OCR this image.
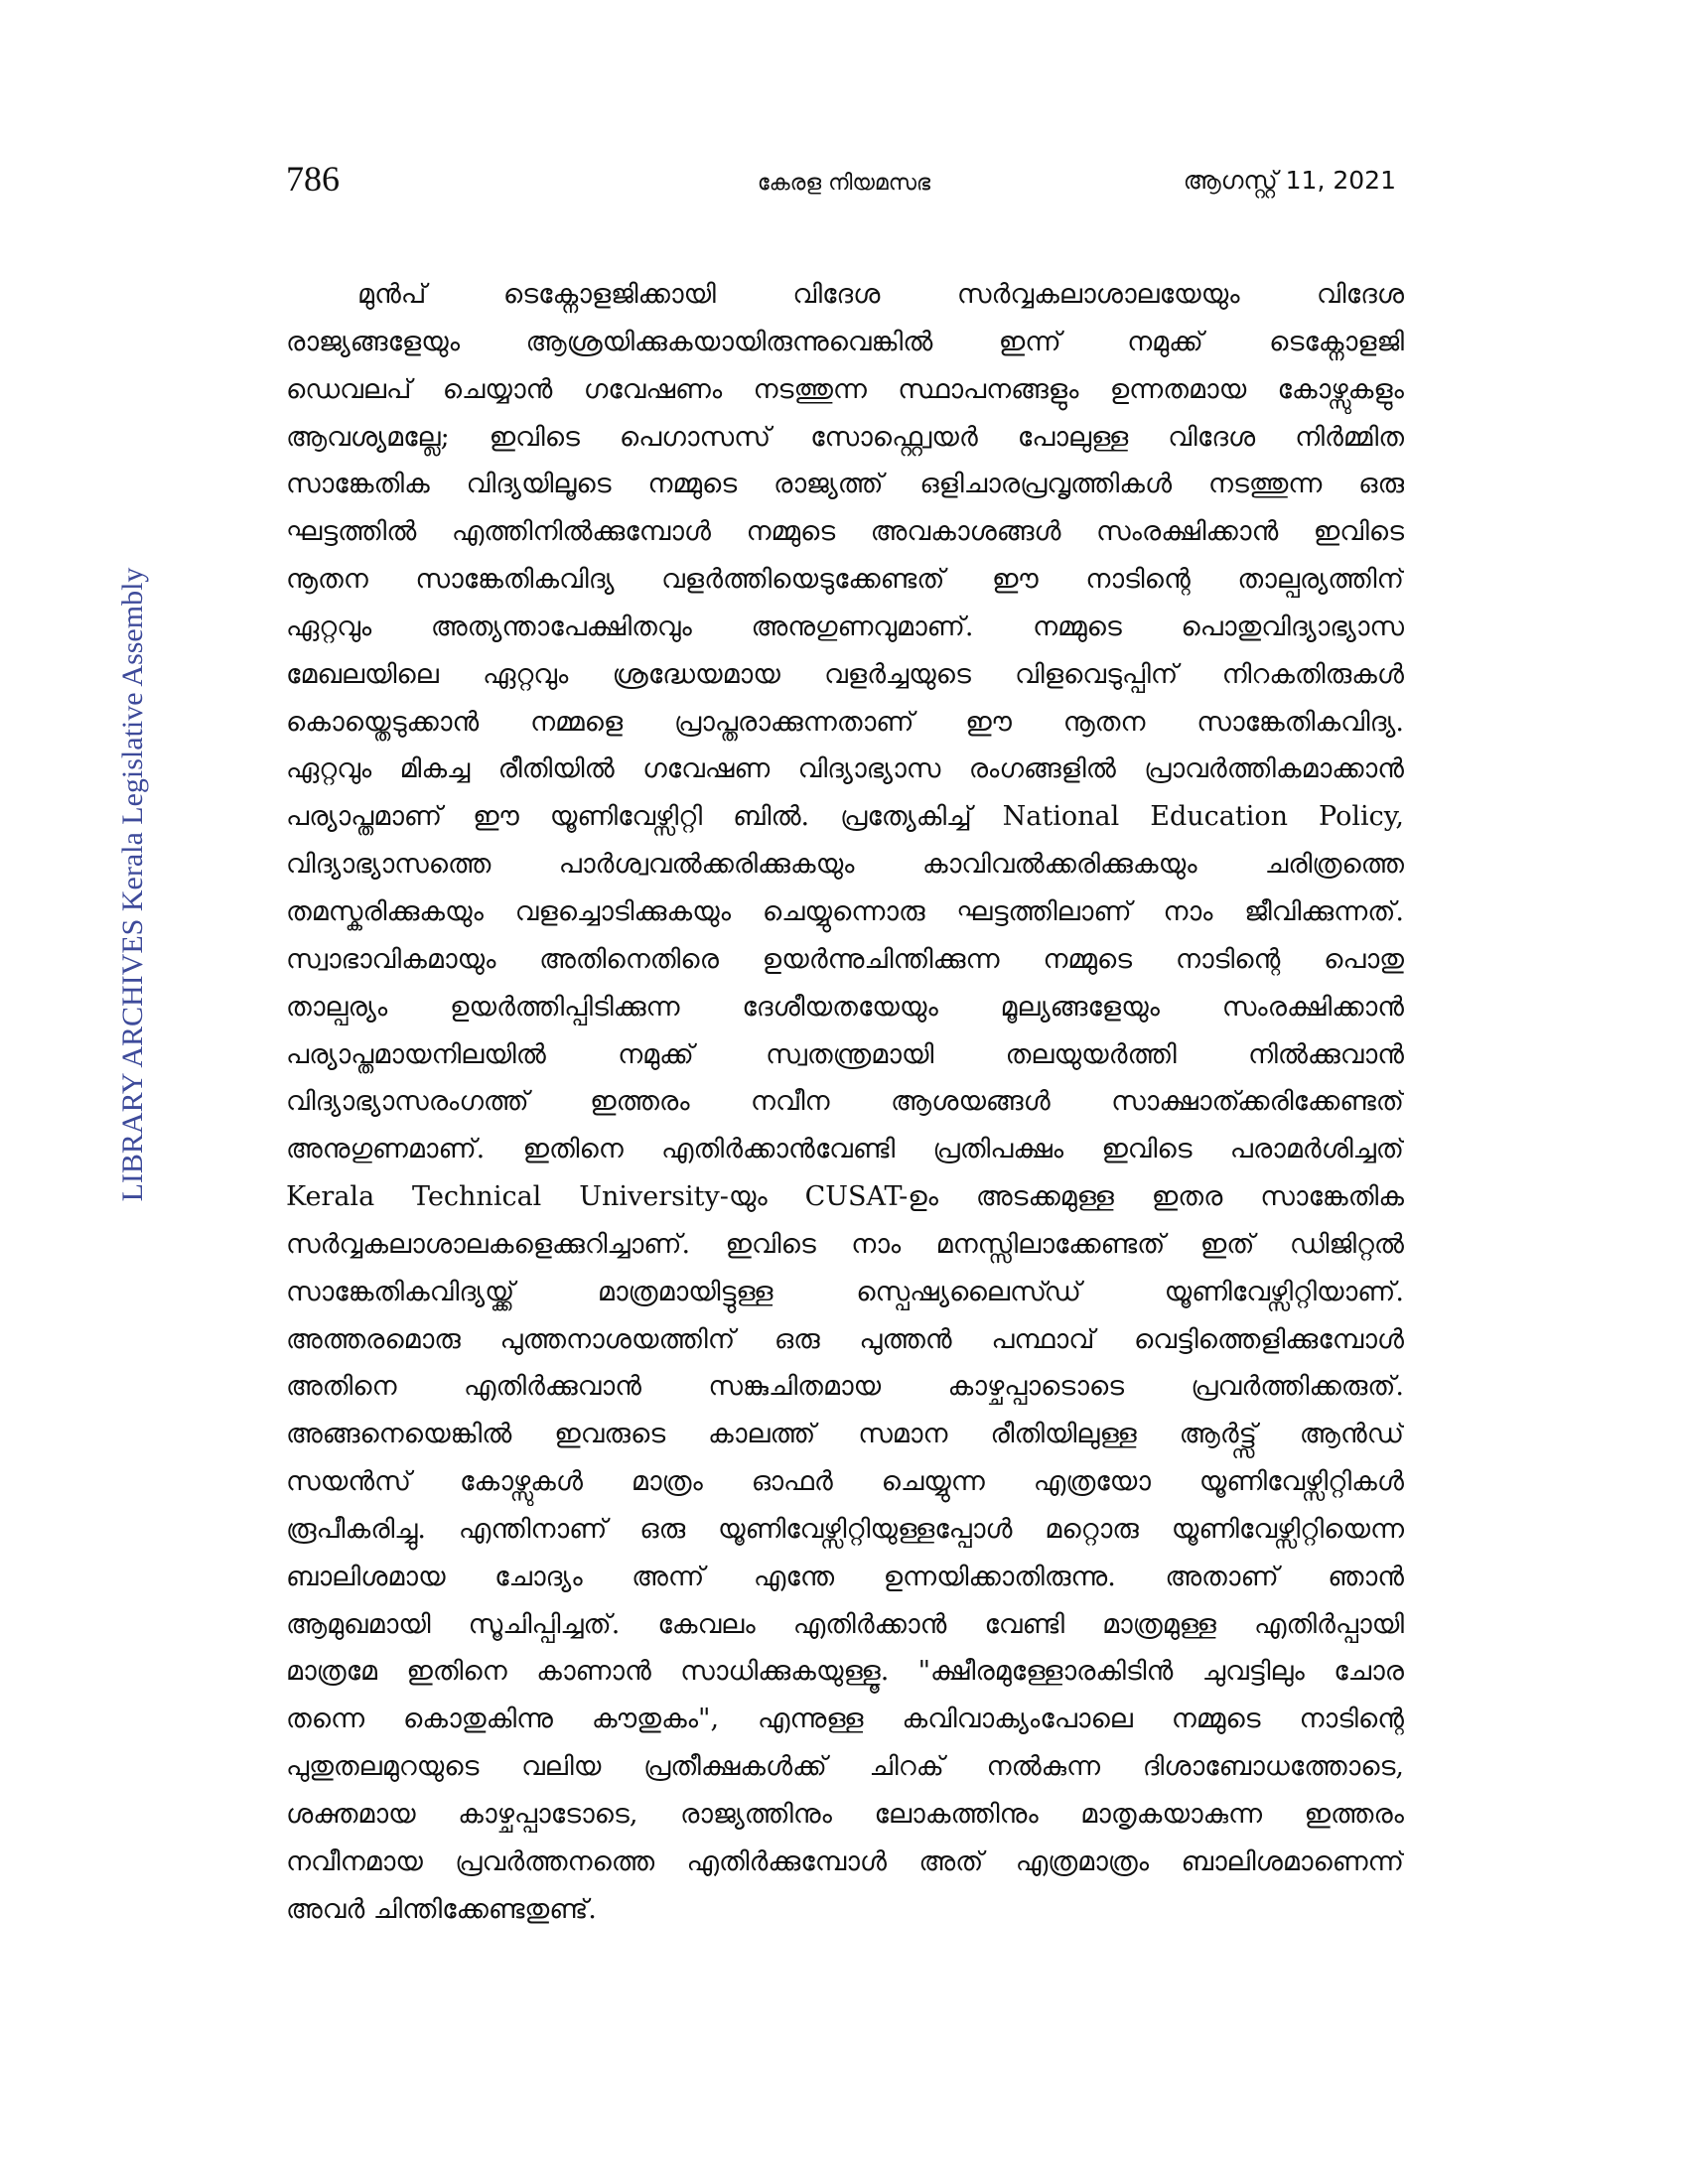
786	കേരള നിയമസഭ	ആഗസ്റ്റ് 11, 2021
LIBRARY ARCHIVES Kerala Legislative Assembly
മുൻപ് ടെക്നോളജിക്കായി വിദേശ സർവ്വകലാശാലയേയും വിദേശ
രാജ്യങ്ങളേയും ആശ്രയിക്കുകയായിരുന്നുവെങ്കിൽ ഇന്ന് നമുക്ക് ടെക്നോളജി
ഡെവലപ് ചെയ്യാൻ ഗവേഷണം നടത്തുന്ന സ്ഥാപനങ്ങളും ഉന്നതമായ കോഴ്സുകളും
ആവശ്യമല്ലേ; ഇവിടെ പെഗാസസ് സോഫ്റ്റ്വെയർ പോലുള്ള വിദേശ നിർമ്മിത
സാങ്കേതിക വിദ്യയിലൂടെ നമ്മുടെ രാജ്യത്ത് ഒളിചാരപ്രവൃത്തികൾ നടത്തുന്ന ഒരു
ഘട്ടത്തിൽ എത്തിനിൽക്കുമ്പോൾ നമ്മുടെ അവകാശങ്ങൾ സംരക്ഷിക്കാൻ ഇവിടെ
നൂതന സാങ്കേതികവിദ്യ വളർത്തിയെടുക്കേണ്ടത് ഈ നാടിന്റെ താല്പര്യത്തിന്
ഏറ്റവും അത്യന്താപേക്ഷിതവും അനുഗുണവുമാണ്. നമ്മുടെ പൊതുവിദ്യാഭ്യാസ
മേഖലയിലെ ഏറ്റവും ശ്രദ്ധേയമായ വളർച്ചയുടെ വിളവെടുപ്പിന് നിറകതിരുകൾ
കൊയ്തെടുക്കാൻ നമ്മളെ പ്രാപ്തരാക്കുന്നതാണ് ഈ നൂതന സാങ്കേതികവിദ്യ.
ഏറ്റവും മികച്ച രീതിയിൽ ഗവേഷണ വിദ്യാഭ്യാസ രംഗങ്ങളിൽ പ്രാവർത്തികമാക്കാൻ
പര്യാപ്തമാണ് ഈ യൂണിവേഴ്സിറ്റി ബിൽ. പ്രത്യേകിച്ച് National Education Policy,
വിദ്യാഭ്യാസത്തെ പാർശ്വവൽക്കരിക്കുകയും കാവിവൽക്കരിക്കുകയും ചരിത്രത്തെ
തമസ്കരിക്കുകയും വളച്ചൊടിക്കുകയും ചെയ്യുന്നൊരു ഘട്ടത്തിലാണ് നാം ജീവിക്കുന്നത്.
സ്വാഭാവികമായും അതിനെതിരെ ഉയർന്നുചിന്തിക്കുന്ന നമ്മുടെ നാടിന്റെ പൊതു
താല്പര്യം ഉയർത്തിപ്പിടിക്കുന്ന ദേശീയതയേയും മൂല്യങ്ങളേയും സംരക്ഷിക്കാൻ
പര്യാപ്തമായനിലയിൽ നമുക്ക് സ്വതന്ത്രമായി തലയുയർത്തി നിൽക്കുവാൻ
വിദ്യാഭ്യാസരംഗത്ത് ഇത്തരം നവീന ആശയങ്ങൾ സാക്ഷാത്ക്കരിക്കേണ്ടത്
അനുഗുണമാണ്. ഇതിനെ എതിർക്കാൻവേണ്ടി പ്രതിപക്ഷം ഇവിടെ പരാമർശിച്ചത്
Kerala Technical University-യും CUSAT-ഉം അടക്കമുള്ള ഇതര സാങ്കേതിക
സർവ്വകലാശാലകളെക്കുറിച്ചാണ്. ഇവിടെ നാം മനസ്സിലാക്കേണ്ടത് ഇത് ഡിജിറ്റൽ
സാങ്കേതികവിദ്യയ്ക്ക് മാത്രമായിട്ടുള്ള സ്പെഷ്യലൈസ്ഡ് യൂണിവേഴ്സിറ്റിയാണ്.
അത്തരമൊരു പുത്തനാശയത്തിന് ഒരു പുത്തൻ പന്ഥാവ് വെട്ടിത്തെളിക്കുമ്പോൾ
അതിനെ എതിർക്കുവാൻ സങ്കുചിതമായ കാഴ്ചപ്പാടൊടെ പ്രവർത്തിക്കരുത്.
അങ്ങനെയെങ്കിൽ ഇവരുടെ കാലത്ത് സമാന രീതിയിലുള്ള ആർട്ട്സ് ആൻഡ്
സയൻസ് കോഴ്സുകൾ മാത്രം ഓഫർ ചെയ്യുന്ന എത്രയോ യൂണിവേഴ്സിറ്റികൾ
രൂപീകരിച്ചു. എന്തിനാണ് ഒരു യൂണിവേഴ്സിറ്റിയുള്ളപ്പോൾ മറ്റൊരു യൂണിവേഴ്സിറ്റിയെന്ന
ബാലിശമായ ചോദ്യം അന്ന് എന്തേ ഉന്നയിക്കാതിരുന്നു. അതാണ് ഞാൻ
ആമുഖമായി സൂചിപ്പിച്ചത്. കേവലം എതിർക്കാൻ വേണ്ടി മാത്രമുള്ള എതിർപ്പായി
മാത്രമേ ഇതിനെ കാണാൻ സാധിക്കുകയുള്ളൂ. "ക്ഷീരമുള്ളോരകിടിൻ ചുവട്ടിലും ചോര
തന്നെ കൊതുകിന്നു കൗതുകം", എന്നുള്ള കവിവാക്യംപോലെ നമ്മുടെ നാടിന്റെ
പുതുതലമുറയുടെ വലിയ പ്രതീക്ഷകൾക്ക് ചിറക് നൽകുന്ന ദിശാബോധത്തോടെ,
ശക്തമായ കാഴ്ചപ്പാടോടെ, രാജ്യത്തിനും ലോകത്തിനും മാതൃകയാകുന്ന ഇത്തരം
നവീനമായ പ്രവർത്തനത്തെ എതിർക്കുമ്പോൾ അത് എത്രമാത്രം ബാലിശമാണെന്ന്
അവർ ചിന്തിക്കേണ്ടതുണ്ട്.
